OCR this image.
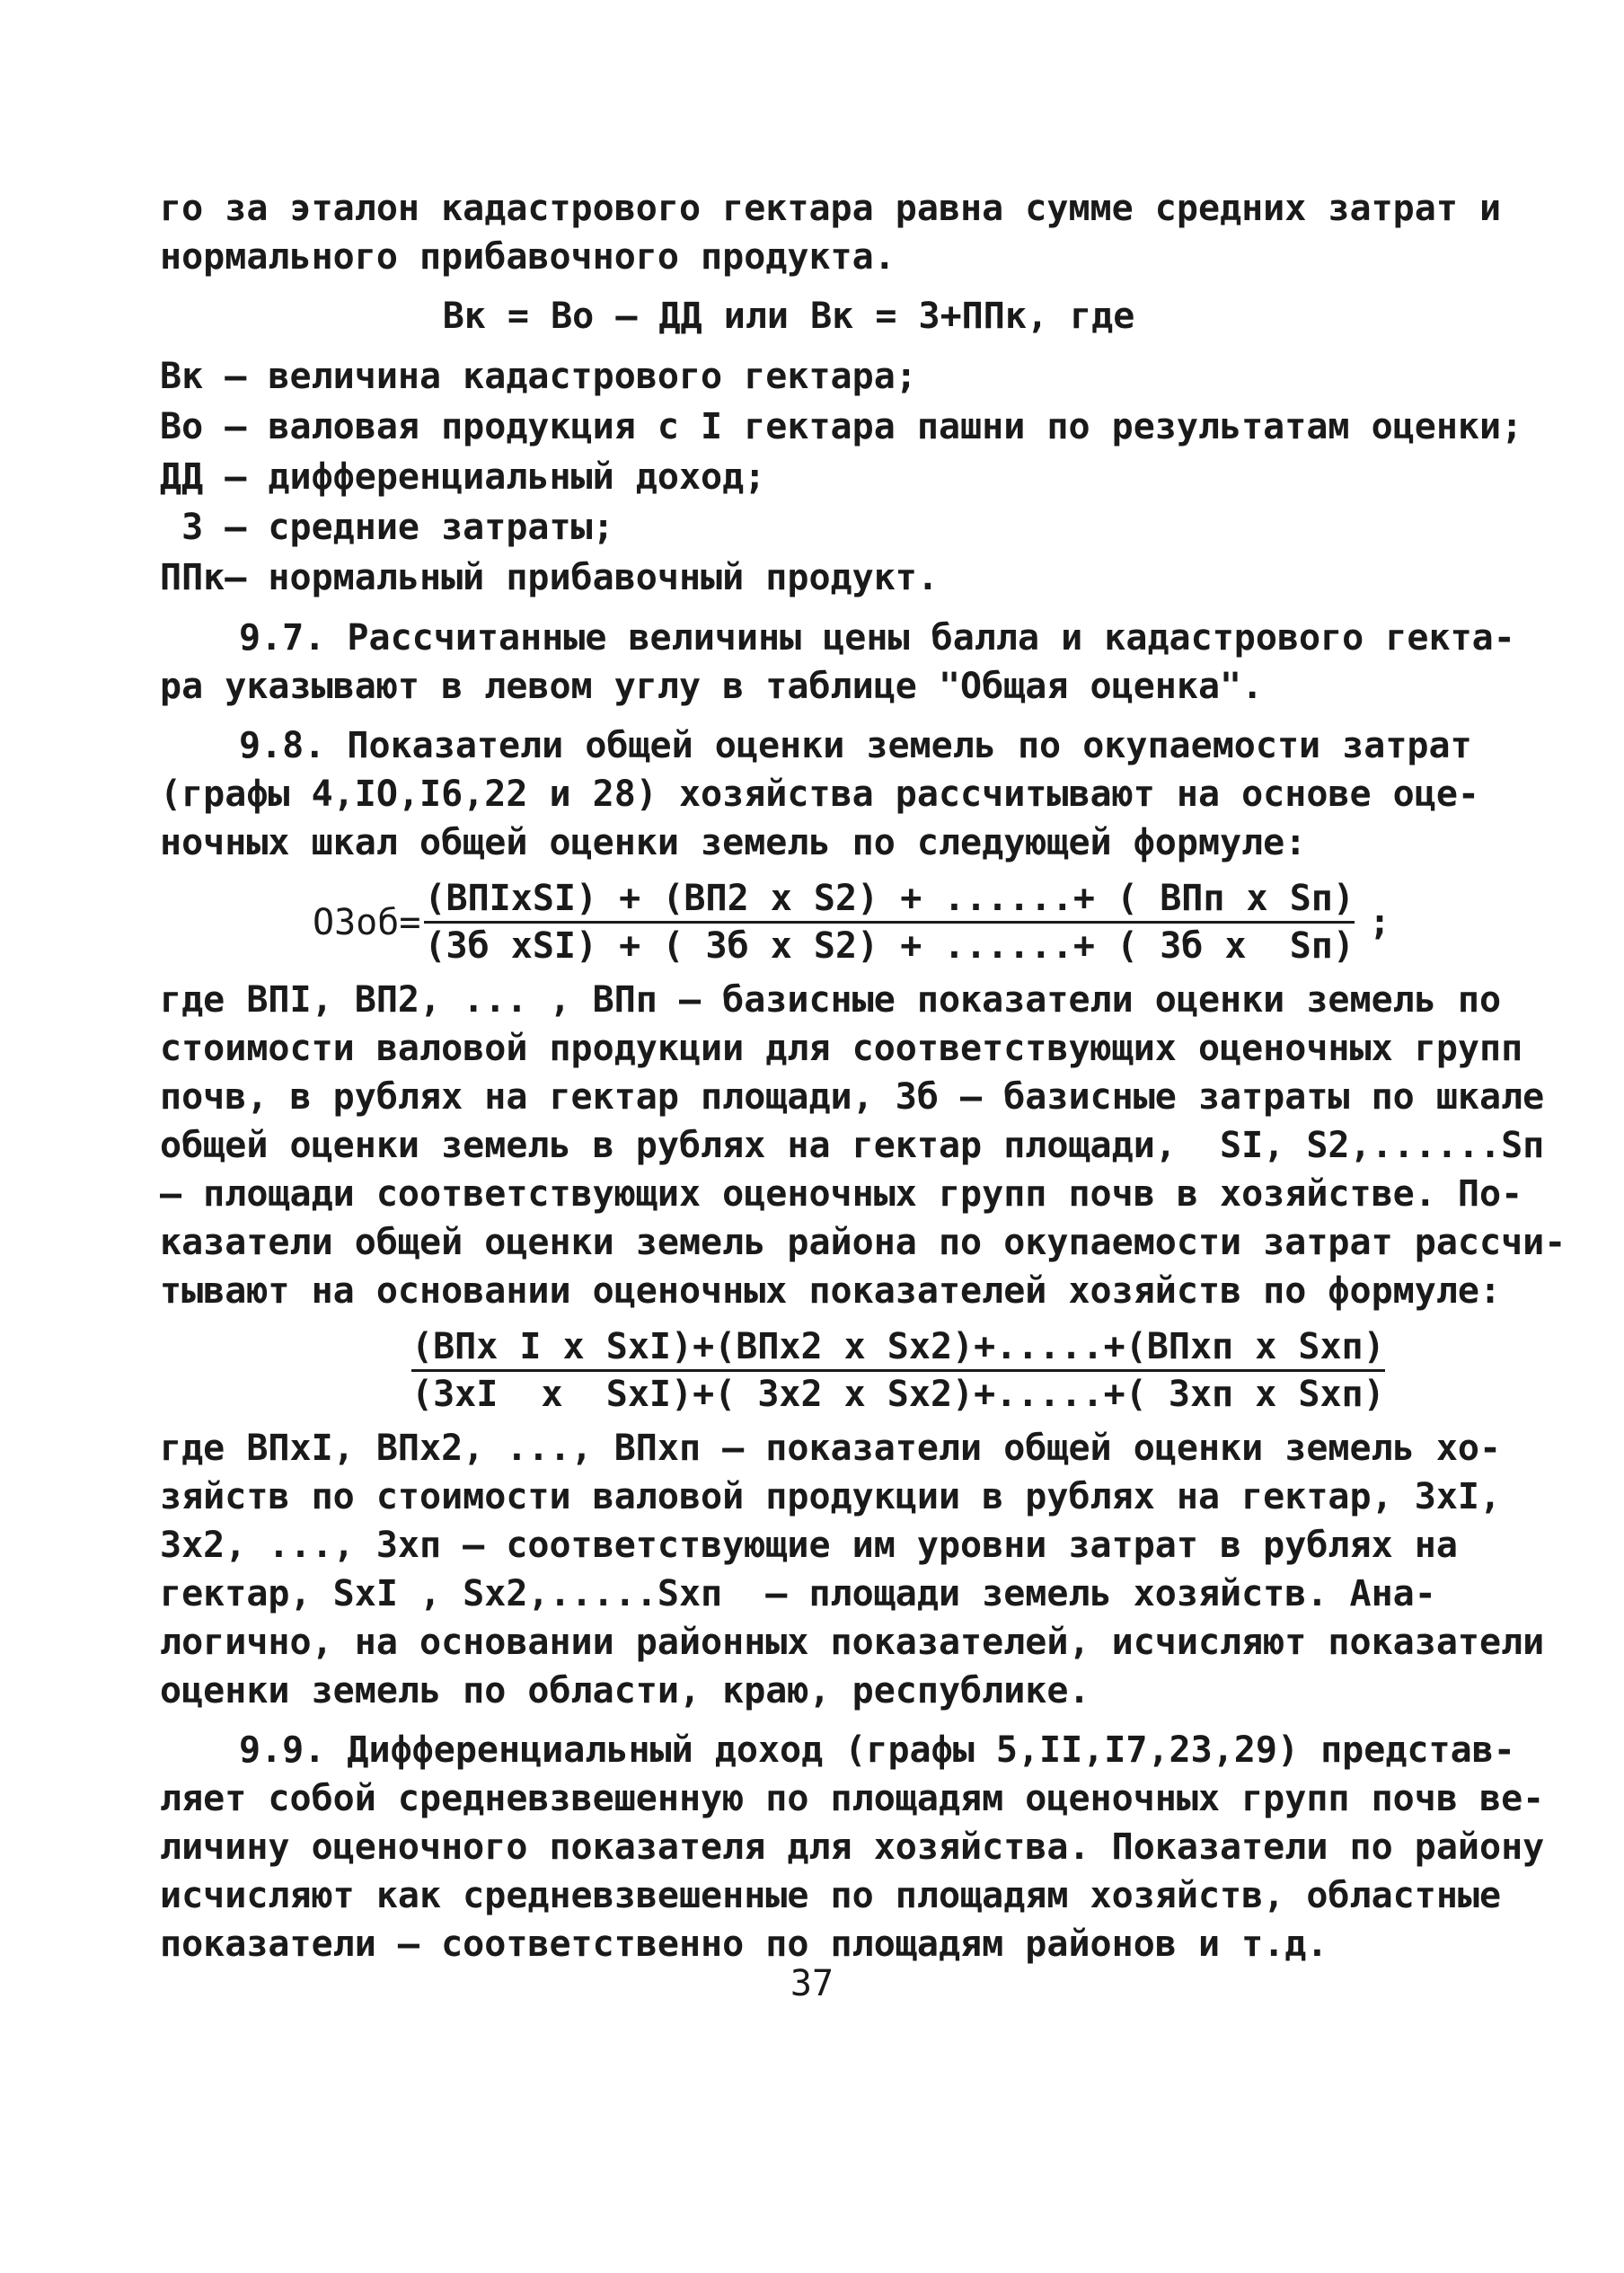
го за эталон кадастрового гектара равна сумме средних затрат и
нормального прибавочного продукта.
Вк = Во – ДД или Вк = З+ППк, где
Вк – величина кадастрового гектара;
Во – валовая продукция с I гектара пашни по результатам оценки;
ДД – дифференциальный доход;
З – средние затраты;
ППк– нормальный прибавочный продукт.
9.7. Рассчитанные величины цены балла и кадастрового гекта-
ра указывают в левом углу в таблице "Общая оценка".
9.8. Показатели общей оценки земель по окупаемости затрат
(графы 4,IO,I6,22 и 28) хозяйства рассчитывают на основе оце-
ночных шкал общей оценки земель по следующей формуле:
ОЗоб= $\frac{\text{(ВПIxSI) + (ВП2 x S2) + ......+ ( ВПп x Sп)}}{\text{(Зб xSI) + ( Зб x S2) + ......+ ( Зб x  Sп)}}$ ;
где ВПI, ВП2, ... , ВПп – базисные показатели оценки земель по
стоимости валовой продукции для соответствующих оценочных групп
почв, в рублях на гектар площади, Зб – базисные затраты по шкале
общей оценки земель в рублях на гектар площади,  SI, S2,......Sп
– площади соответствующих оценочных групп почв в хозяйстве. По-
казатели общей оценки земель района по окупаемости затрат рассчи-
тывают на основании оценочных показателей хозяйств по формуле:
$\frac{\text{(ВПх I x SxI)+(ВПх2 x Sx2)+.....+(ВПхп x Sxп)}}{\text{(ЗхI  x  SxI)+( Зх2 x Sx2)+.....+( Зхп x Sxп)}}$
где ВПхI, ВПх2, ..., ВПхп – показатели общей оценки земель хо-
зяйств по стоимости валовой продукции в рублях на гектар, ЗхI,
Зх2, ..., Зхп – соответствующие им уровни затрат в рублях на
гектар, SxI , Sx2,.....Sxп  – площади земель хозяйств. Ана-
логично, на основании районных показателей, исчисляют показатели
оценки земель по области, краю, республике.
9.9. Дифференциальный доход (графы 5,II,I7,23,29) представ-
ляет собой средневзвешенную по площадям оценочных групп почв ве-
личину оценочного показателя для хозяйства. Показатели по району
исчисляют как средневзвешенные по площадям хозяйств, областные
показатели – соответственно по площадям районов и т.д.
37
